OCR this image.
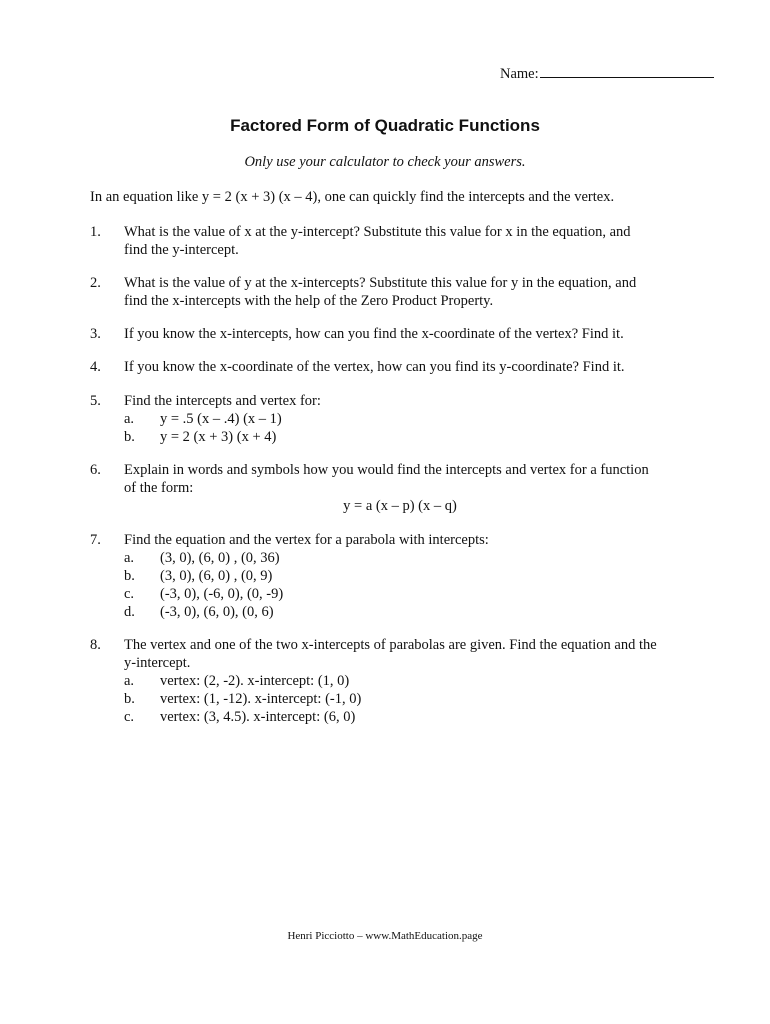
Name:
Factored Form of Quadratic Functions
Only use your calculator to check your answers.
In an equation like y = 2 (x + 3) (x – 4), one can quickly find the intercepts and the vertex.
1. What is the value of x at the y-intercept? Substitute this value for x in the equation, and
find the y-intercept.
2. What is the value of y at the x-intercepts? Substitute this value for y in the equation, and
find the x-intercepts with the help of the Zero Product Property.
3. If you know the x-intercepts, how can you find the x-coordinate of the vertex? Find it.
4. If you know the x-coordinate of the vertex, how can you find its y-coordinate? Find it.
5. Find the intercepts and vertex for:
a. y = .5 (x – .4) (x – 1)
b. y = 2 (x + 3) (x + 4)
6. Explain in words and symbols how you would find the intercepts and vertex for a function
of the form:
y = a (x – p) (x – q)
7. Find the equation and the vertex for a parabola with intercepts:
a. (3, 0), (6, 0) , (0, 36)
b. (3, 0), (6, 0) , (0, 9)
c. (-3, 0), (-6, 0), (0, -9)
d. (-3, 0), (6, 0), (0, 6)
8. The vertex and one of the two x-intercepts of parabolas are given. Find the equation and the
y-intercept.
a. vertex: (2, -2). x-intercept: (1, 0)
b. vertex: (1, -12). x-intercept: (-1, 0)
c. vertex: (3, 4.5). x-intercept: (6, 0)
Henri Picciotto – www.MathEducation.page
